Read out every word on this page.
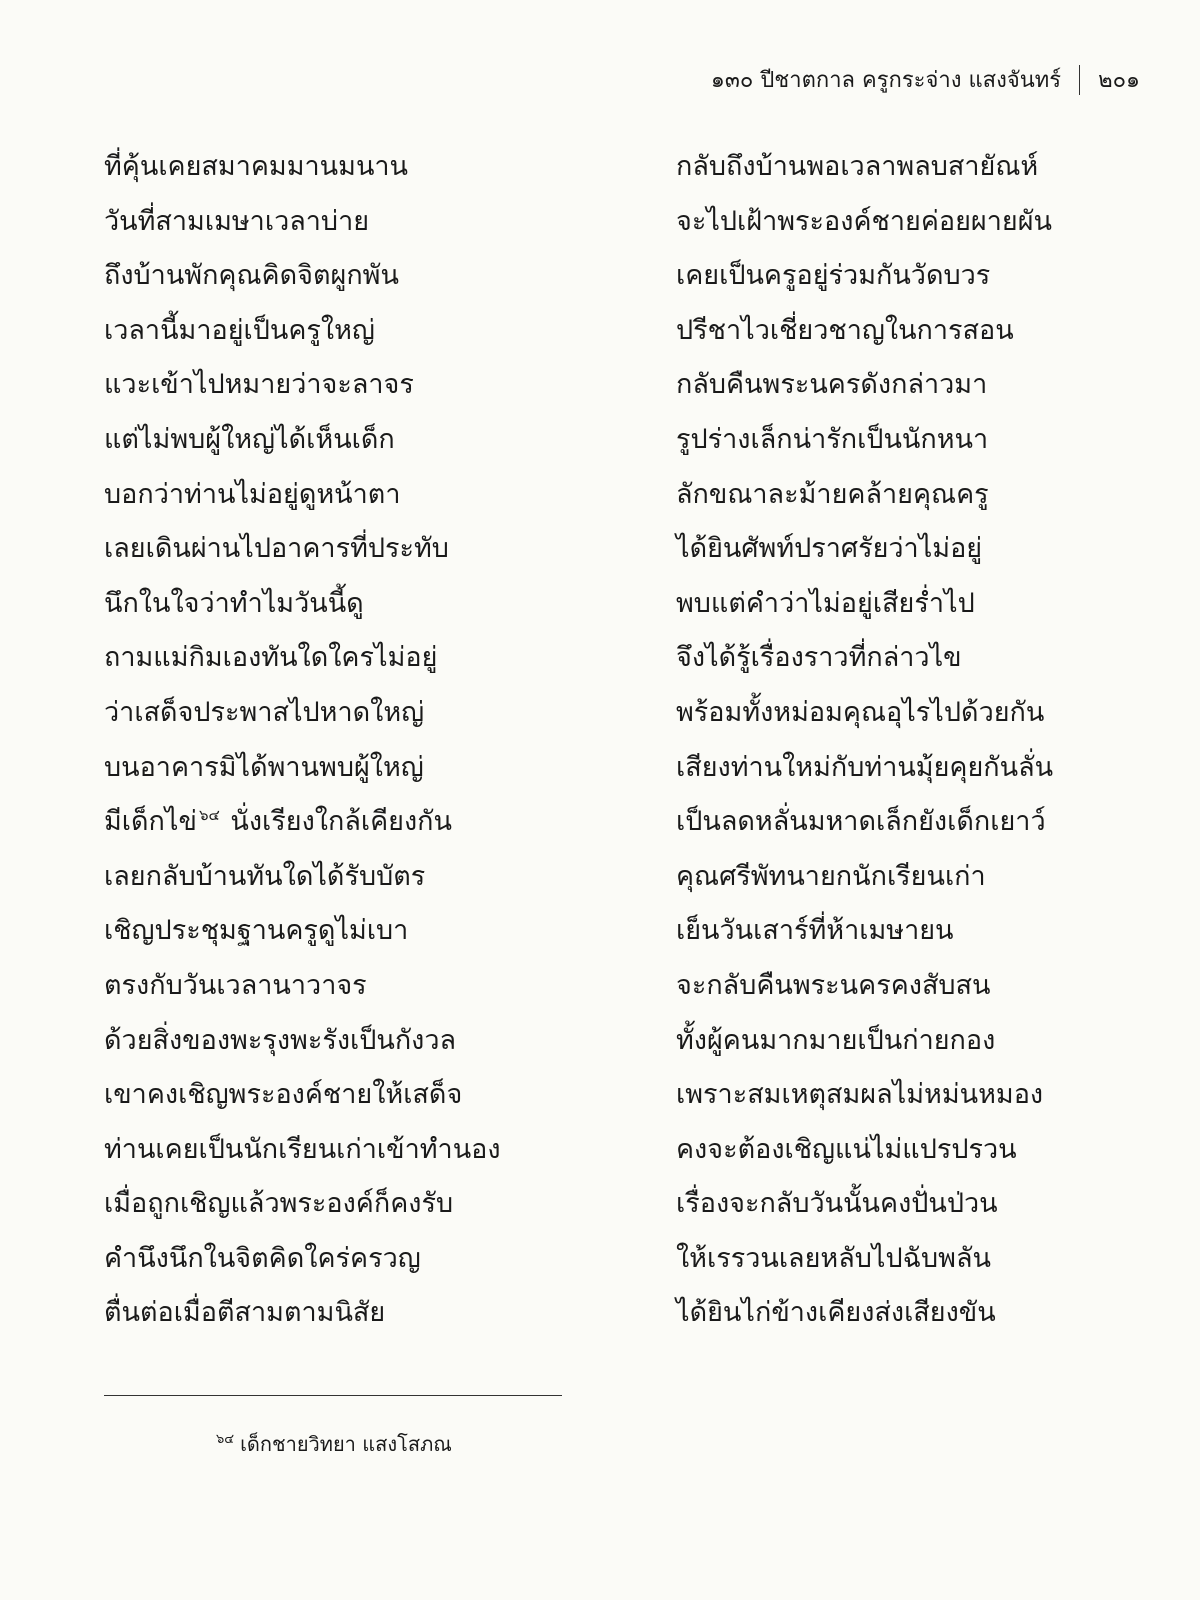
๑๓๐ ปีชาตกาล ครูกระจ่าง แสงจันทร์ ๒๐๑
ที่คุ้นเคยสมาคมมานมนาน
วันที่สามเมษาเวลาบ่าย
ถึงบ้านพักคุณคิดจิตผูกพัน
เวลานี้มาอยู่เป็นครูใหญ่
แวะเข้าไปหมายว่าจะลาจร
แต่ไม่พบผู้ใหญ่ได้เห็นเด็ก
บอกว่าท่านไม่อยู่ดูหน้าตา
เลยเดินผ่านไปอาคารที่ประทับ
นึกในใจว่าทำไมวันนี้ดู
ถามแม่กิมเองทันใดใครไม่อยู่
ว่าเสด็จประพาสไปหาดใหญ่
บนอาคารมิได้พานพบผู้ใหญ่
มีเด็กไข่ $^{๖๔}$ นั่งเรียงใกล้เคียงกัน
เลยกลับบ้านทันใดได้รับบัตร
เชิญประชุมฐานครูดูไม่เบา
ตรงกับวันเวลานาวาจร
ด้วยสิ่งของพะรุงพะรังเป็นกังวล
เขาคงเชิญพระองค์ชายให้เสด็จ
ท่านเคยเป็นนักเรียนเก่าเข้าทำนอง
เมื่อถูกเชิญแล้วพระองค์ก็คงรับ
คำนึงนึกในจิตคิดใคร่ครวญ
ตื่นต่อเมื่อตีสามตามนิสัย
กลับถึงบ้านพอเวลาพลบสายัณห์
จะไปเฝ้าพระองค์ชายค่อยผายผัน
เคยเป็นครูอยู่ร่วมกันวัดบวร
ปรีชาไวเชี่ยวชาญในการสอน
กลับคืนพระนครดังกล่าวมา
รูปร่างเล็กน่ารักเป็นนักหนา
ลักขณาละม้ายคล้ายคุณครู
ได้ยินศัพท์ปราศรัยว่าไม่อยู่
พบแต่คำว่าไม่อยู่เสียร่ำไป
จึงได้รู้เรื่องราวที่กล่าวไข
พร้อมทั้งหม่อมคุณอุไรไปด้วยกัน
เสียงท่านใหม่กับท่านมุ้ยคุยกันลั่น
เป็นลดหลั่นมหาดเล็กยังเด็กเยาว์
คุณศรีพัทนายกนักเรียนเก่า
เย็นวันเสาร์ที่ห้าเมษายน
จะกลับคืนพระนครคงสับสน
ทั้งผู้คนมากมายเป็นก่ายกอง
เพราะสมเหตุสมผลไม่หม่นหมอง
คงจะต้องเชิญแน่ไม่แปรปรวน
เรื่องจะกลับวันนั้นคงปั่นป่วน
ให้เรรวนเลยหลับไปฉับพลัน
ได้ยินไก่ข้างเคียงส่งเสียงขัน
$^{๖๔}$ เด็กชายวิทยา แสงโสภณ
